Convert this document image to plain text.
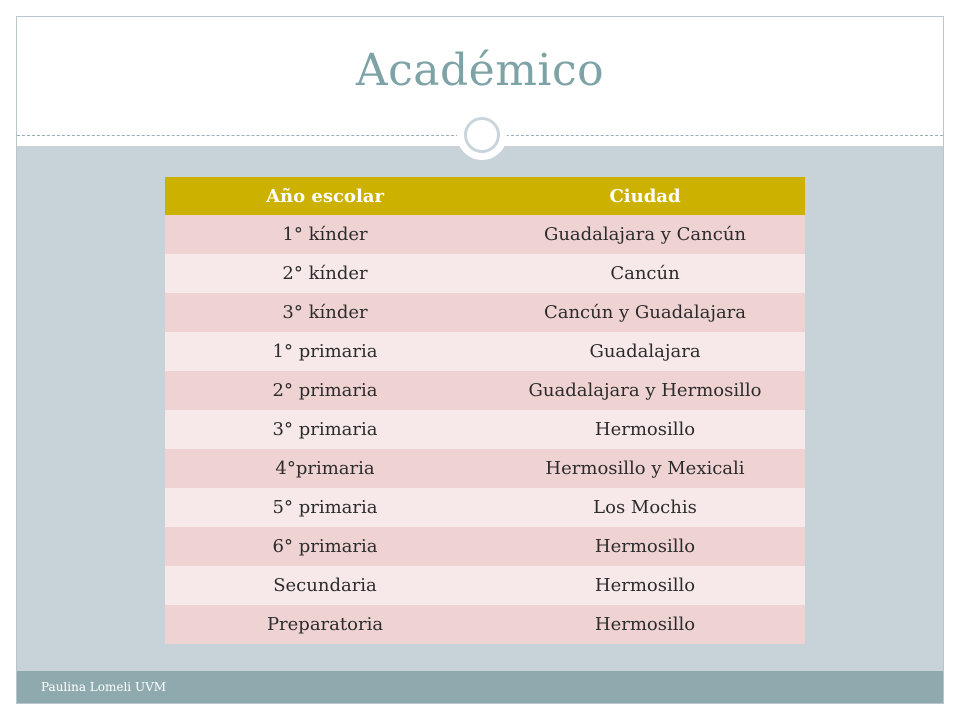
Académico
Paulina Lomeli UVM
Año escolar	Ciudad
1° kínder	Guadalajara y Cancún
2° kínder	Cancún
3° kínder	Cancún y Guadalajara
1° primaria	Guadalajara
2° primaria	Guadalajara y Hermosillo
3° primaria	Hermosillo
4°primaria	Hermosillo y Mexicali
5° primaria	Los Mochis
6° primaria	Hermosillo
Secundaria	Hermosillo
Preparatoria	Hermosillo
